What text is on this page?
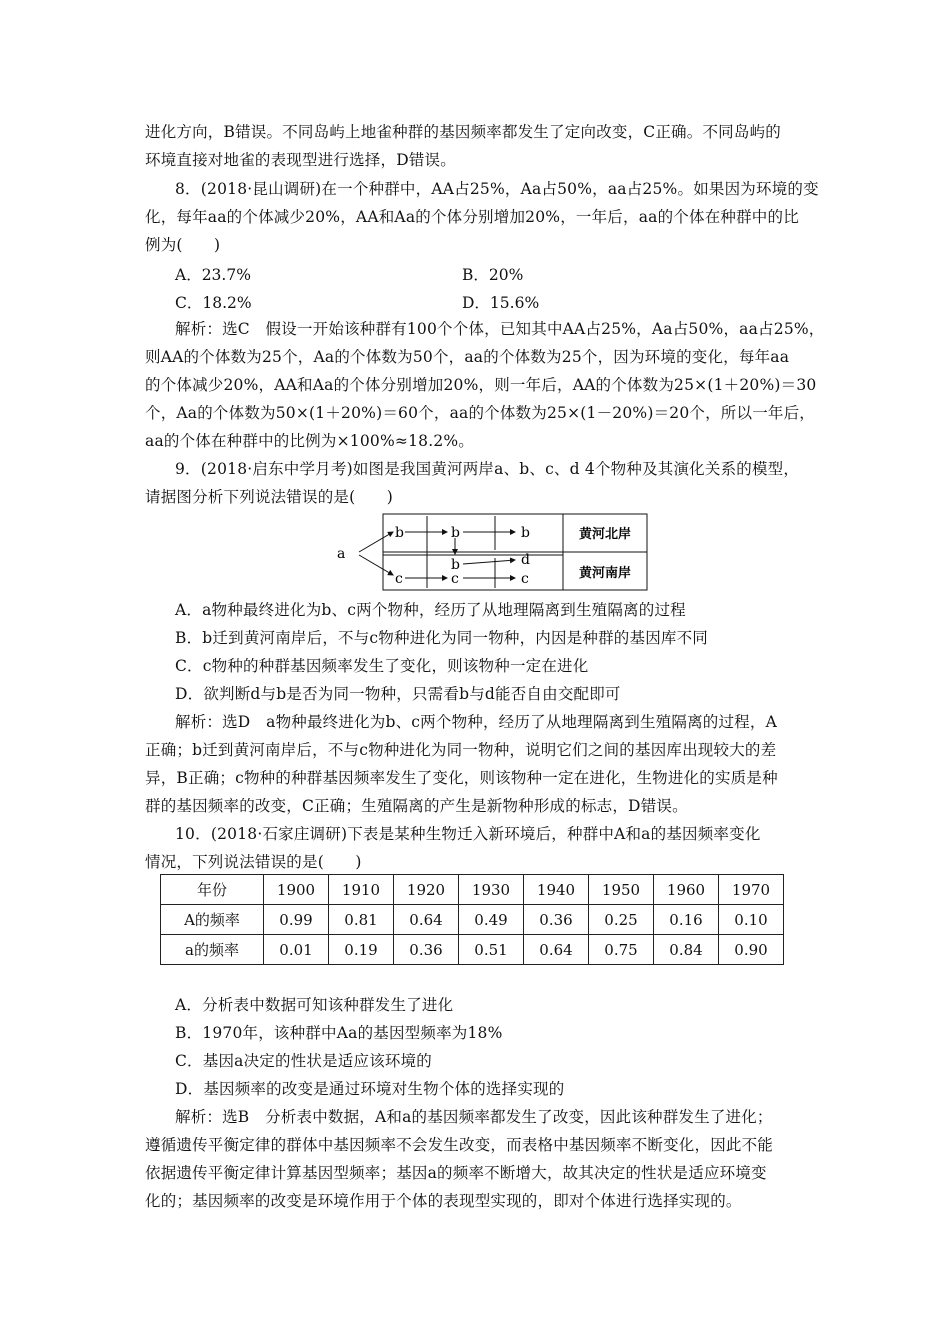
进化方向，B错误。不同岛屿上地雀种群的基因频率都发生了定向改变，C正确。不同岛屿的
环境直接对地雀的表现型进行选择，D错误。
8．(2018·昆山调研)在一个种群中，AA占25%，Aa占50%，aa占25%。如果因为环境的变
化，每年aa的个体减少20%，AA和Aa的个体分别增加20%，一年后，aa的个体在种群中的比
例为(　　)
A．23.7%	B．20%
C．18.2%	D．15.6%
解析：选C　假设一开始该种群有100个个体，已知其中AA占25%，Aa占50%，aa占25%，
则AA的个体数为25个，Aa的个体数为50个，aa的个体数为25个，因为环境的变化，每年aa
的个体减少20%，AA和Aa的个体分别增加20%，则一年后，AA的个体数为25×(1＋20%)＝30
个，Aa的个体数为50×(1＋20%)＝60个，aa的个体数为25×(1－20%)＝20个，所以一年后，
aa的个体在种群中的比例为×100%≈18.2%。
9．(2018·启东中学月考)如图是我国黄河两岸a、b、c、d 4个物种及其演化关系的模型，
请据图分析下列说法错误的是(　　)
a
b	b	b
b	d
c	c	c
黄河北岸
黄河南岸
A．a物种最终进化为b、c两个物种，经历了从地理隔离到生殖隔离的过程
B．b迁到黄河南岸后，不与c物种进化为同一物种，内因是种群的基因库不同
C．c物种的种群基因频率发生了变化，则该物种一定在进化
D．欲判断d与b是否为同一物种，只需看b与d能否自由交配即可
解析：选D　a物种最终进化为b、c两个物种，经历了从地理隔离到生殖隔离的过程，A
正确；b迁到黄河南岸后，不与c物种进化为同一物种，说明它们之间的基因库出现较大的差
异，B正确；c物种的种群基因频率发生了变化，则该物种一定在进化，生物进化的实质是种
群的基因频率的改变，C正确；生殖隔离的产生是新物种形成的标志，D错误。
10．(2018·石家庄调研)下表是某种生物迁入新环境后，种群中A和a的基因频率变化
情况，下列说法错误的是(　　)
年份	1900	1910	1920	1930	1940	1950	1960	1970
A的频率	0.99	0.81	0.64	0.49	0.36	0.25	0.16	0.10
a的频率	0.01	0.19	0.36	0.51	0.64	0.75	0.84	0.90
A．分析表中数据可知该种群发生了进化
B．1970年，该种群中Aa的基因型频率为18%
C．基因a决定的性状是适应该环境的
D．基因频率的改变是通过环境对生物个体的选择实现的
解析：选B　分析表中数据，A和a的基因频率都发生了改变，因此该种群发生了进化；
遵循遗传平衡定律的群体中基因频率不会发生改变，而表格中基因频率不断变化，因此不能
依据遗传平衡定律计算基因型频率；基因a的频率不断增大，故其决定的性状是适应环境变
化的；基因频率的改变是环境作用于个体的表现型实现的，即对个体进行选择实现的。
